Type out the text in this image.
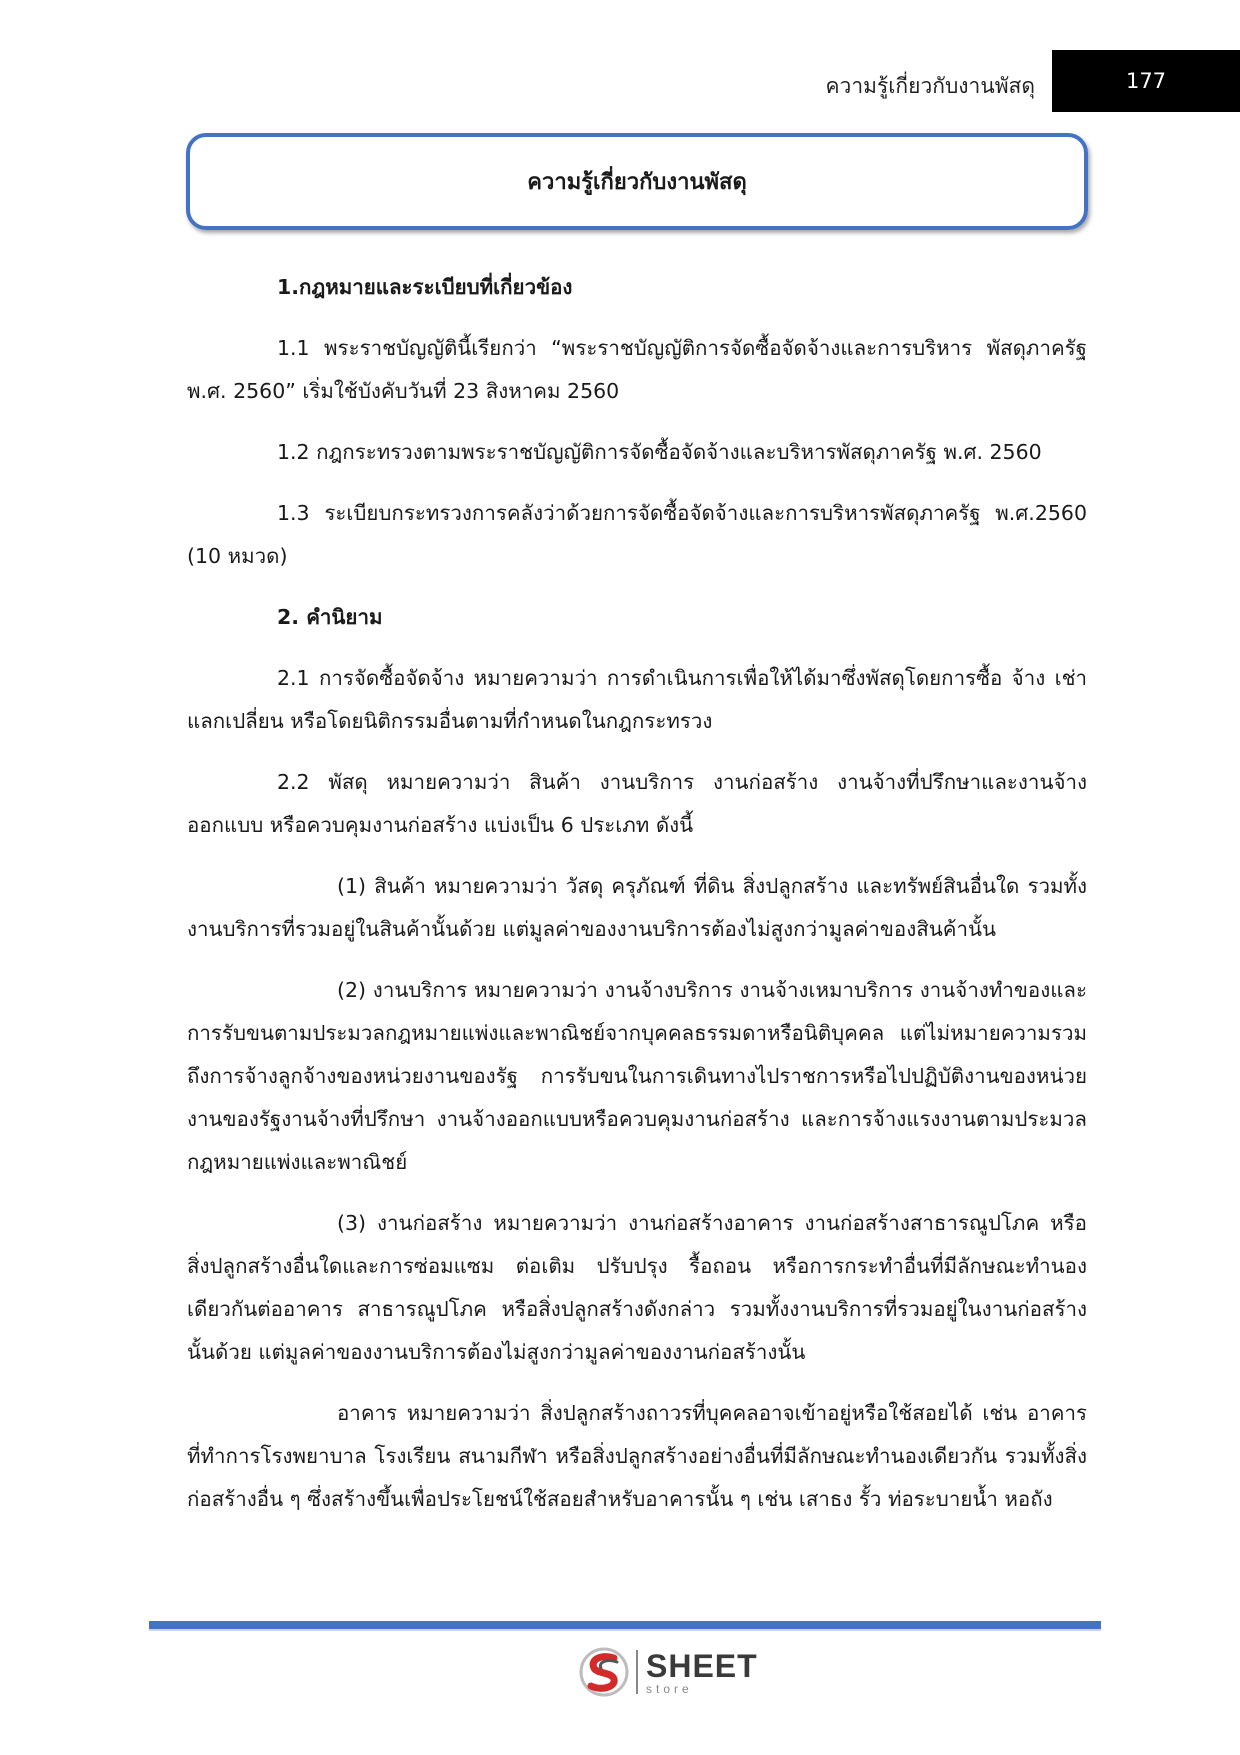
ความรู้เกี่ยวกับงานพัสดุ	177
ความรู้เกี่ยวกับงานพัสดุ

1.กฎหมายและระเบียบที่เกี่ยวข้อง

1.1 พระราชบัญญัตินี้เรียกว่า “พระราชบัญญัติการจัดซื้อจัดจ้างและการบริหาร พัสดุภาครัฐ พ.ศ. 2560” เริ่มใช้บังคับวันที่ 23 สิงหาคม 2560

1.2 กฎกระทรวงตามพระราชบัญญัติการจัดซื้อจัดจ้างและบริหารพัสดุภาครัฐ พ.ศ. 2560

1.3 ระเบียบกระทรวงการคลังว่าด้วยการจัดซื้อจัดจ้างและการบริหารพัสดุภาครัฐ พ.ศ.2560 (10 หมวด)

2. คำนิยาม

2.1 การจัดซื้อจัดจ้าง หมายความว่า การดำเนินการเพื่อให้ได้มาซึ่งพัสดุโดยการซื้อ จ้าง เช่า แลกเปลี่ยน หรือโดยนิติกรรมอื่นตามที่กำหนดในกฎกระทรวง

2.2 พัสดุ หมายความว่า สินค้า งานบริการ งานก่อสร้าง งานจ้างที่ปรึกษาและงานจ้างออกแบบ หรือควบคุมงานก่อสร้าง แบ่งเป็น 6 ประเภท ดังนี้

(1) สินค้า หมายความว่า วัสดุ ครุภัณฑ์ ที่ดิน สิ่งปลูกสร้าง และทรัพย์สินอื่นใด รวมทั้งงานบริการที่รวมอยู่ในสินค้านั้นด้วย แต่มูลค่าของงานบริการต้องไม่สูงกว่ามูลค่าของสินค้านั้น

(2) งานบริการ หมายความว่า งานจ้างบริการ งานจ้างเหมาบริการ งานจ้างทำของและการรับขนตามประมวลกฎหมายแพ่งและพาณิชย์จากบุคคลธรรมดาหรือนิติบุคคล แต่ไม่หมายความรวมถึงการจ้างลูกจ้างของหน่วยงานของรัฐ การรับขนในการเดินทางไปราชการหรือไปปฏิบัติงานของหน่วยงานของรัฐงานจ้างที่ปรึกษา งานจ้างออกแบบหรือควบคุมงานก่อสร้าง และการจ้างแรงงานตามประมวลกฎหมายแพ่งและพาณิชย์

(3) งานก่อสร้าง หมายความว่า งานก่อสร้างอาคาร งานก่อสร้างสาธารณูปโภค หรือสิ่งปลูกสร้างอื่นใดและการซ่อมแซม ต่อเติม ปรับปรุง รื้อถอน หรือการกระทำอื่นที่มีลักษณะทำนองเดียวกันต่ออาคาร สาธารณูปโภค หรือสิ่งปลูกสร้างดังกล่าว รวมทั้งงานบริการที่รวมอยู่ในงานก่อสร้างนั้นด้วย แต่มูลค่าของงานบริการต้องไม่สูงกว่ามูลค่าของงานก่อสร้างนั้น

อาคาร หมายความว่า สิ่งปลูกสร้างถาวรที่บุคคลอาจเข้าอยู่หรือใช้สอยได้ เช่น อาคาร ที่ทำการโรงพยาบาล โรงเรียน สนามกีฬา หรือสิ่งปลูกสร้างอย่างอื่นที่มีลักษณะทำนองเดียวกัน รวมทั้งสิ่งก่อสร้างอื่น ๆ ซึ่งสร้างขึ้นเพื่อประโยชน์ใช้สอยสำหรับอาคารนั้น ๆ เช่น เสาธง รั้ว ท่อระบายน้ำ หอถัง

SHEET
store
